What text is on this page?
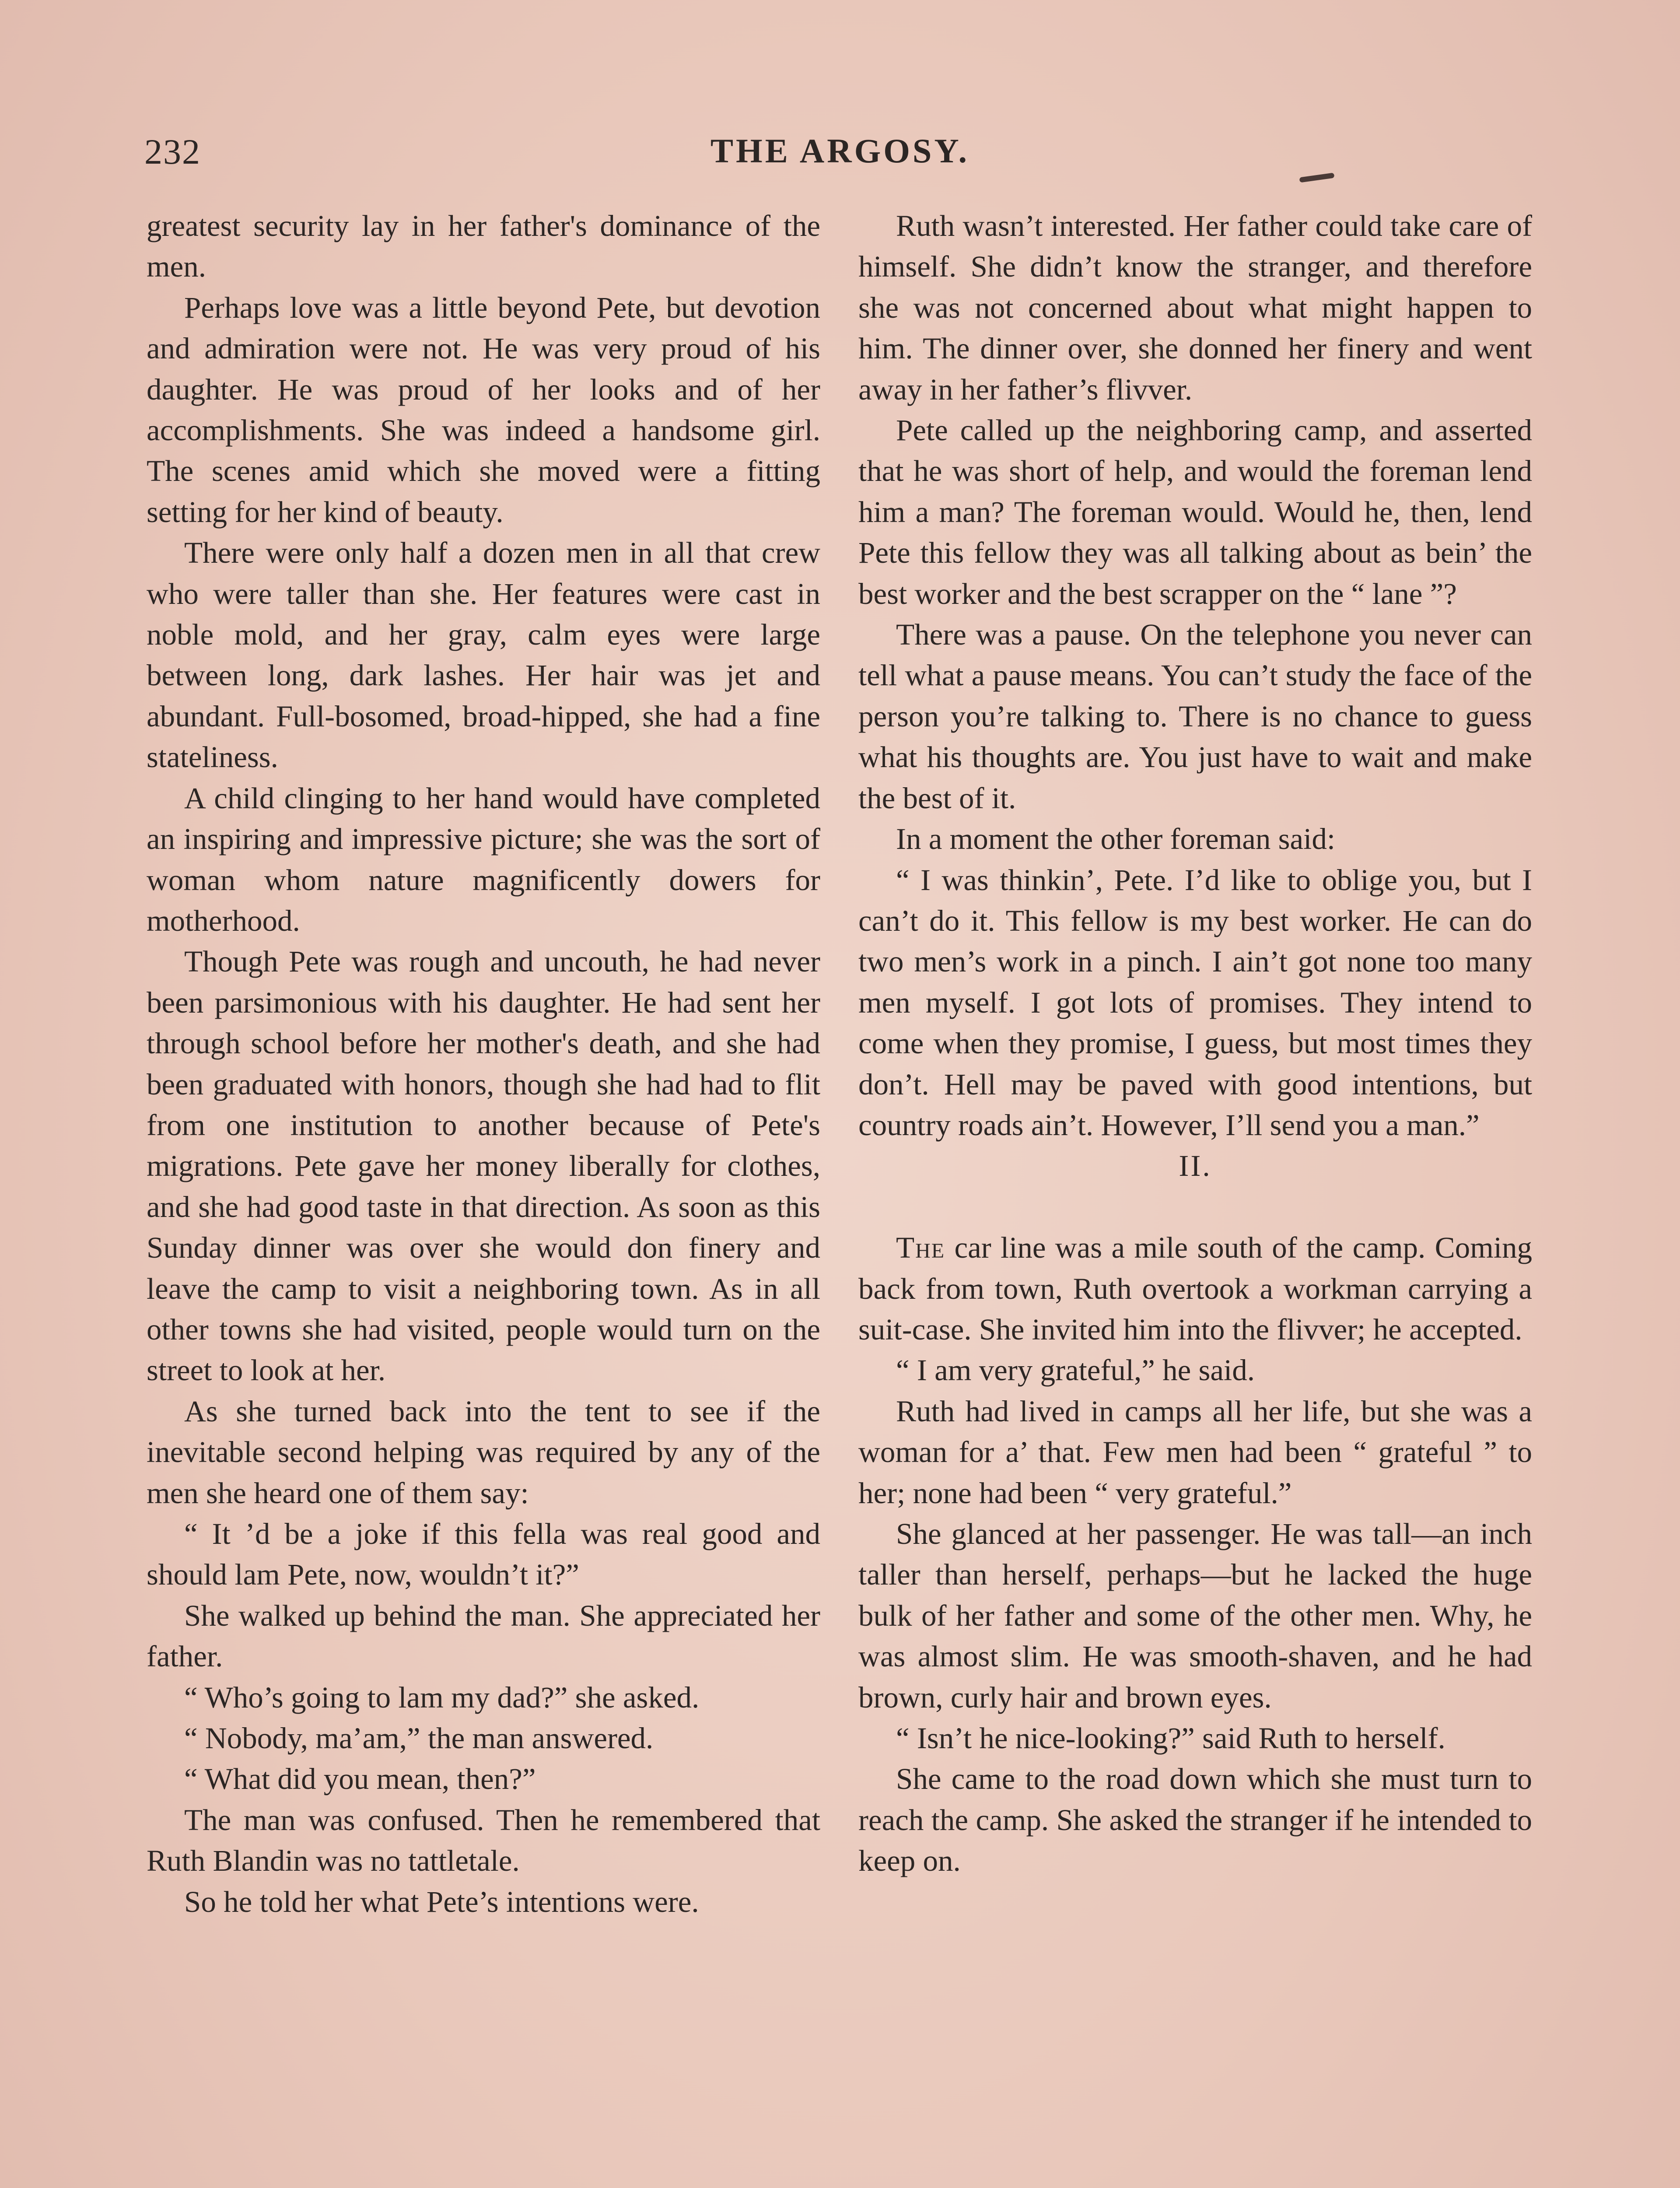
232	THE ARGOSY.

greatest security lay in her father's dominance of the men.

Perhaps love was a little beyond Pete, but devotion and admiration were not. He was very proud of his daughter. He was proud of her looks and of her accomplishments. She was indeed a handsome girl. The scenes amid which she moved were a fitting setting for her kind of beauty.

There were only half a dozen men in all that crew who were taller than she. Her features were cast in noble mold, and her gray, calm eyes were large between long, dark lashes. Her hair was jet and abundant. Full-bosomed, broad-hipped, she had a fine stateliness.

A child clinging to her hand would have completed an inspiring and impressive picture; she was the sort of woman whom nature magnificently dowers for motherhood.

Though Pete was rough and uncouth, he had never been parsimonious with his daughter. He had sent her through school before her mother's death, and she had been graduated with honors, though she had had to flit from one institution to another because of Pete's migrations. Pete gave her money liberally for clothes, and she had good taste in that direction. As soon as this Sunday dinner was over she would don finery and leave the camp to visit a neighboring town. As in all other towns she had visited, people would turn on the street to look at her.

As she turned back into the tent to see if the inevitable second helping was required by any of the men she heard one of them say:

“ It ’d be a joke if this fella was real good and should lam Pete, now, wouldn’t it?”

She walked up behind the man. She appreciated her father.

“ Who’s going to lam my dad?” she asked.

“ Nobody, ma’am,” the man answered.

“ What did you mean, then?”

The man was confused. Then he remembered that Ruth Blandin was no tattletale.

So he told her what Pete’s intentions were.

Ruth wasn’t interested. Her father could take care of himself. She didn’t know the stranger, and therefore she was not concerned about what might happen to him. The dinner over, she donned her finery and went away in her father’s flivver.

Pete called up the neighboring camp, and asserted that he was short of help, and would the foreman lend him a man? The foreman would. Would he, then, lend Pete this fellow they was all talking about as bein’ the best worker and the best scrapper on the “ lane ”?

There was a pause. On the telephone you never can tell what a pause means. You can’t study the face of the person you’re talking to. There is no chance to guess what his thoughts are. You just have to wait and make the best of it.

In a moment the other foreman said:

“ I was thinkin’, Pete. I’d like to oblige you, but I can’t do it. This fellow is my best worker. He can do two men’s work in a pinch. I ain’t got none too many men myself. I got lots of promises. They intend to come when they promise, I guess, but most times they don’t. Hell may be paved with good intentions, but country roads ain’t. However, I’ll send you a man.”

II.

The car line was a mile south of the camp. Coming back from town, Ruth overtook a workman carrying a suit-case. She invited him into the flivver; he accepted.

“ I am very grateful,” he said.

Ruth had lived in camps all her life, but she was a woman for a’ that. Few men had been “ grateful ” to her; none had been “ very grateful.”

She glanced at her passenger. He was tall—an inch taller than herself, perhaps—but he lacked the huge bulk of her father and some of the other men. Why, he was almost slim. He was smooth-shaven, and he had brown, curly hair and brown eyes.

“ Isn’t he nice-looking?” said Ruth to herself.

She came to the road down which she must turn to reach the camp. She asked the stranger if he intended to keep on.
